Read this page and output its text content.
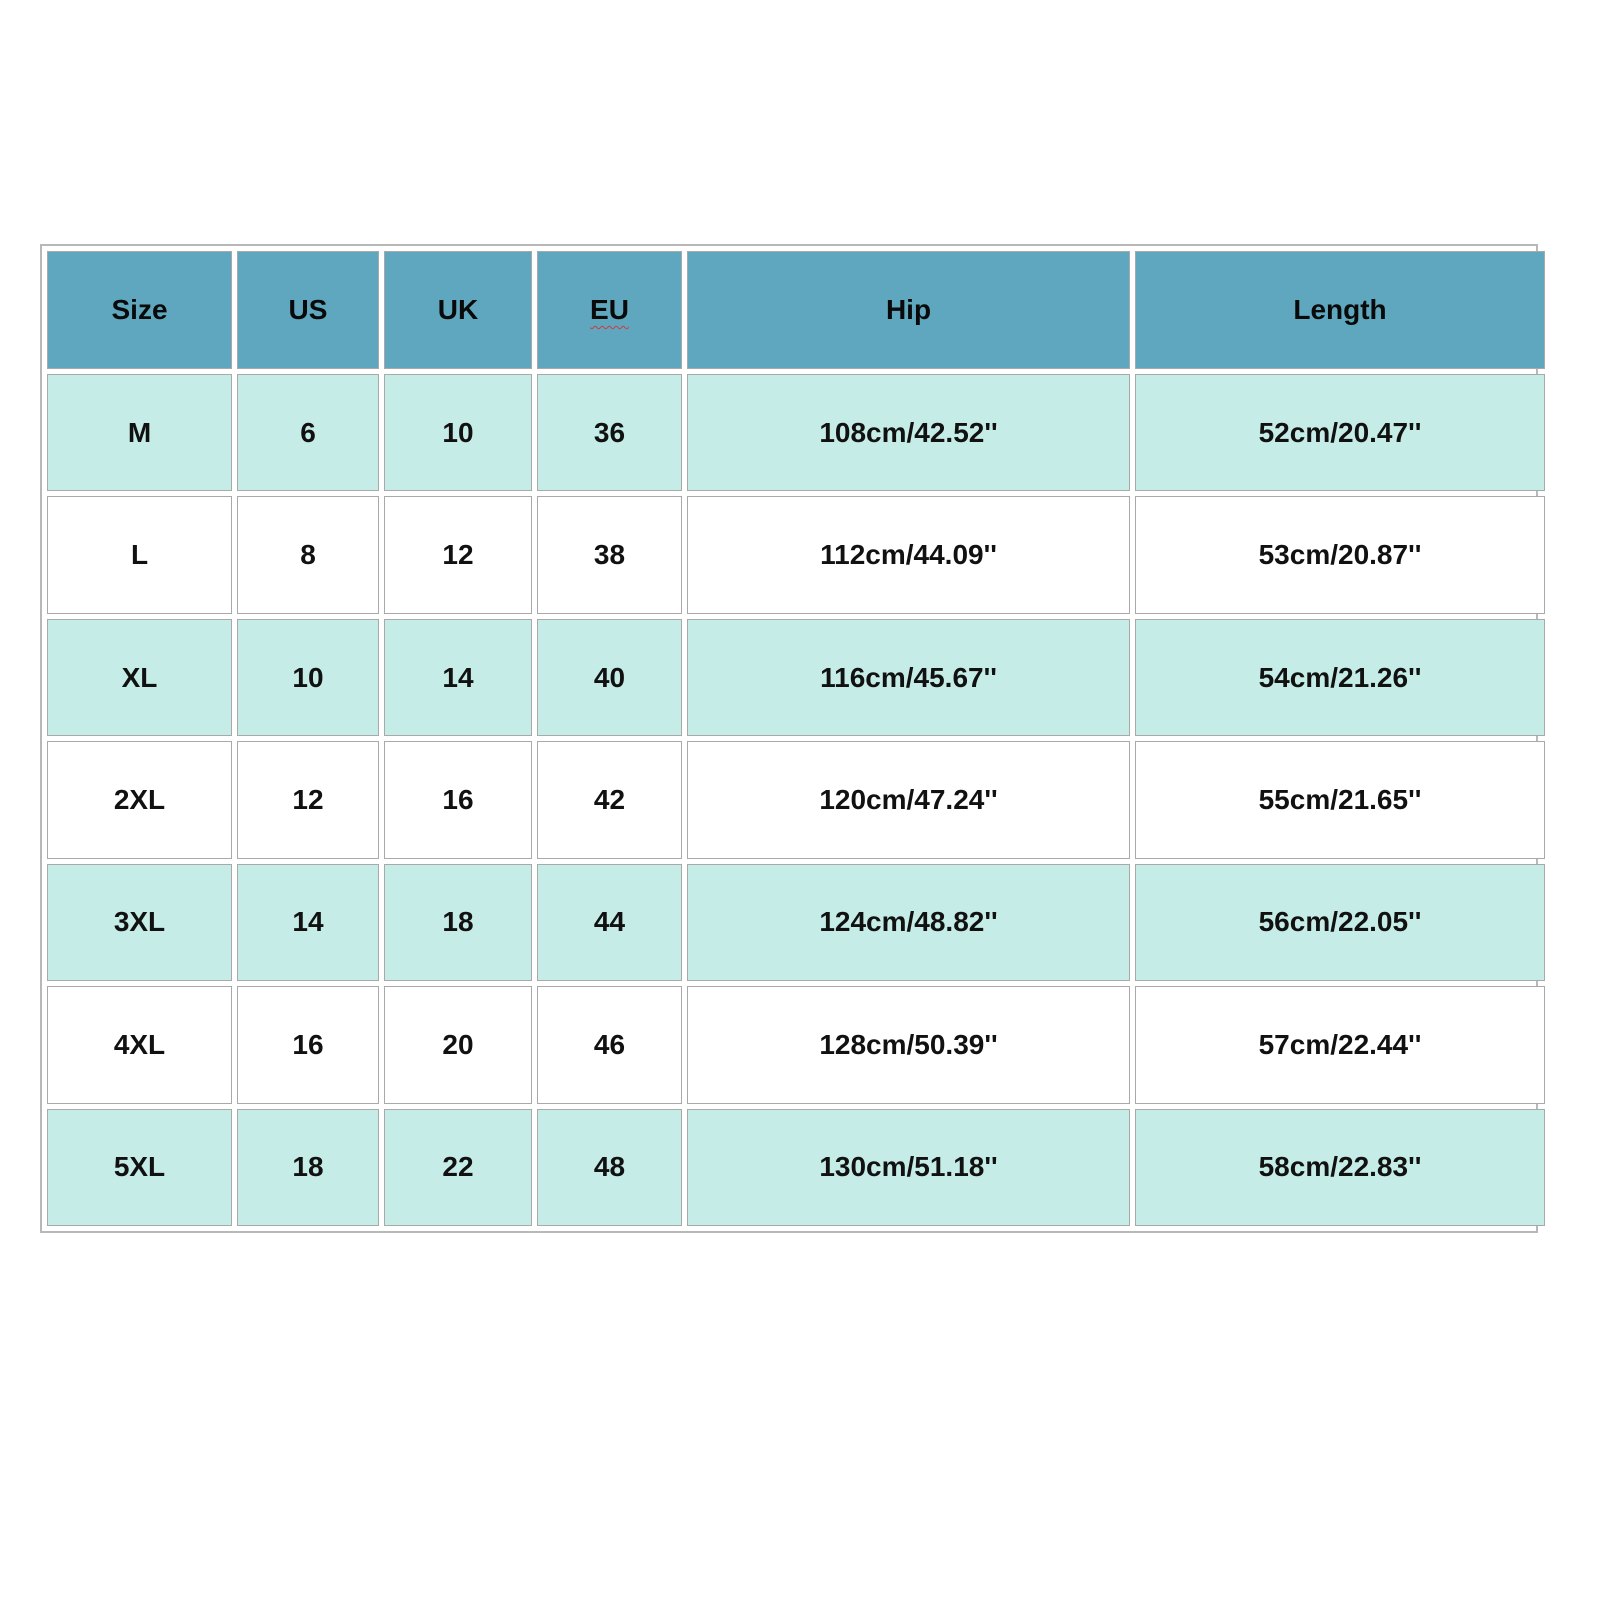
Size	US	UK	EU	Hip	Length
M	6	10	36	108cm/42.52''	52cm/20.47''
L	8	12	38	112cm/44.09''	53cm/20.87''
XL	10	14	40	116cm/45.67''	54cm/21.26''
2XL	12	16	42	120cm/47.24''	55cm/21.65''
3XL	14	18	44	124cm/48.82''	56cm/22.05''
4XL	16	20	46	128cm/50.39''	57cm/22.44''
5XL	18	22	48	130cm/51.18''	58cm/22.83''
